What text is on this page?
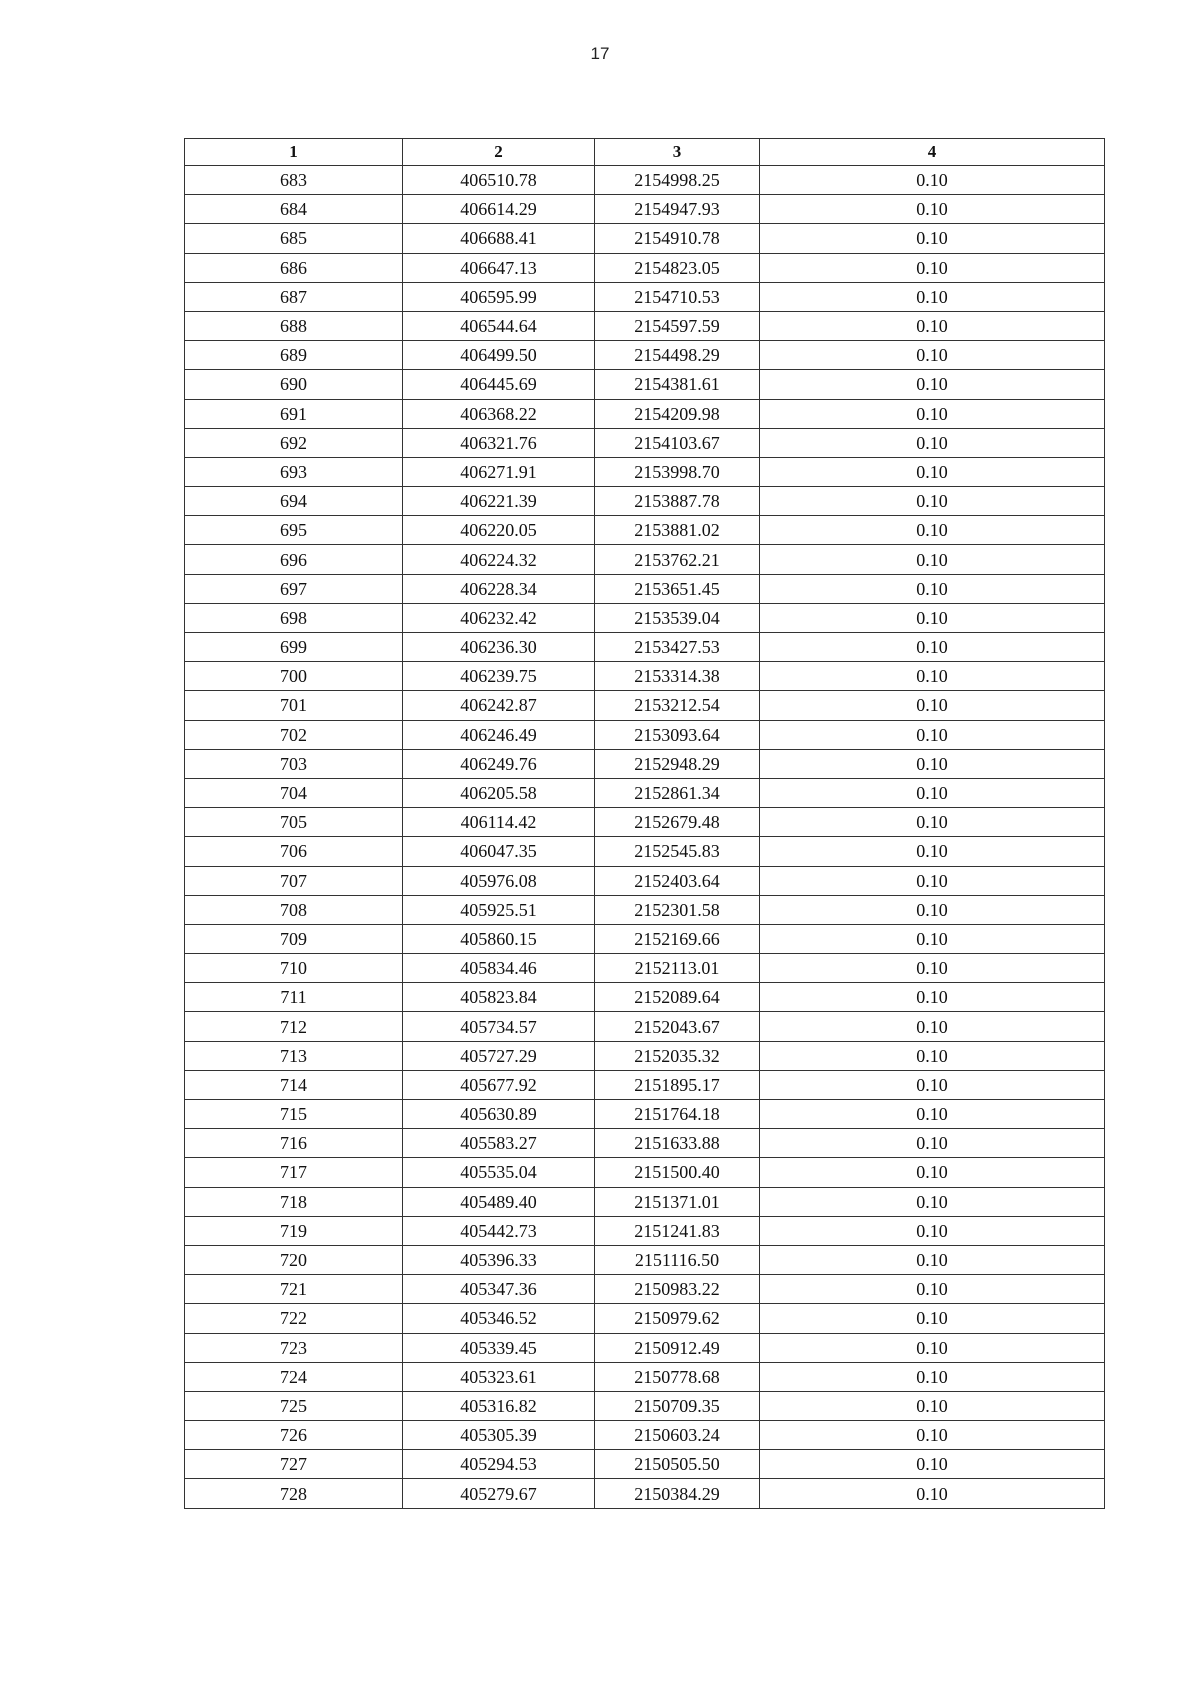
17
1	2	3	4
683	406510.78	2154998.25	0.10
684	406614.29	2154947.93	0.10
685	406688.41	2154910.78	0.10
686	406647.13	2154823.05	0.10
687	406595.99	2154710.53	0.10
688	406544.64	2154597.59	0.10
689	406499.50	2154498.29	0.10
690	406445.69	2154381.61	0.10
691	406368.22	2154209.98	0.10
692	406321.76	2154103.67	0.10
693	406271.91	2153998.70	0.10
694	406221.39	2153887.78	0.10
695	406220.05	2153881.02	0.10
696	406224.32	2153762.21	0.10
697	406228.34	2153651.45	0.10
698	406232.42	2153539.04	0.10
699	406236.30	2153427.53	0.10
700	406239.75	2153314.38	0.10
701	406242.87	2153212.54	0.10
702	406246.49	2153093.64	0.10
703	406249.76	2152948.29	0.10
704	406205.58	2152861.34	0.10
705	406114.42	2152679.48	0.10
706	406047.35	2152545.83	0.10
707	405976.08	2152403.64	0.10
708	405925.51	2152301.58	0.10
709	405860.15	2152169.66	0.10
710	405834.46	2152113.01	0.10
711	405823.84	2152089.64	0.10
712	405734.57	2152043.67	0.10
713	405727.29	2152035.32	0.10
714	405677.92	2151895.17	0.10
715	405630.89	2151764.18	0.10
716	405583.27	2151633.88	0.10
717	405535.04	2151500.40	0.10
718	405489.40	2151371.01	0.10
719	405442.73	2151241.83	0.10
720	405396.33	2151116.50	0.10
721	405347.36	2150983.22	0.10
722	405346.52	2150979.62	0.10
723	405339.45	2150912.49	0.10
724	405323.61	2150778.68	0.10
725	405316.82	2150709.35	0.10
726	405305.39	2150603.24	0.10
727	405294.53	2150505.50	0.10
728	405279.67	2150384.29	0.10
